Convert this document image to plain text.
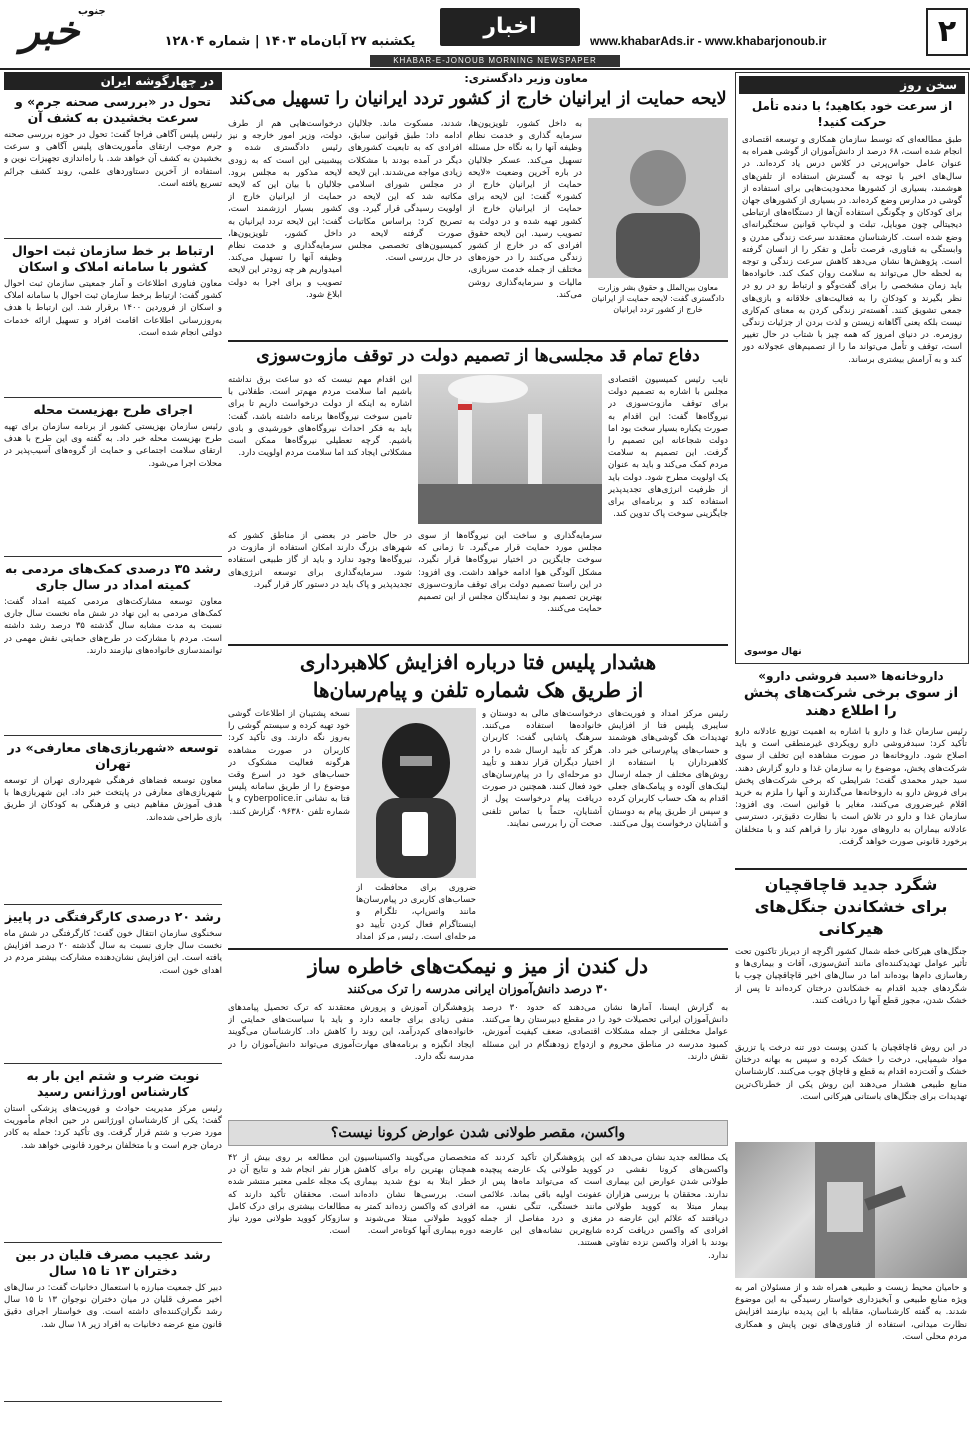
خبر
جنوب
یکشنبه ۲۷ آبان‌ماه ۱۴۰۳ | شماره ۱۲۸۰۴
اخبار
www.khabarAds.ir - www.khabarjonoub.ir	۲
KHABAR-E-JONOUB MORNING NEWSPAPER
سخن روز
از سرعت خود بکاهید؛ با دنده تأمل حرکت کنید!
طبق مطالعه‌ای که توسط سازمان همکاری و توسعه اقتصادی انجام شده است، ۶۸ درصد از دانش‌آموزان از گوشی همراه به عنوان عامل حواس‌پرتی در کلاس درس یاد کرده‌اند. در سال‌های اخیر با توجه به گسترش استفاده از تلفن‌های هوشمند، بسیاری از کشورها محدودیت‌هایی برای استفاده از گوشی در مدارس وضع کرده‌اند. در بسیاری از کشورهای جهان برای کودکان و چگونگی استفاده آن‌ها از دستگاه‌های ارتباطی دیجیتالی چون موبایل، تبلت و لپ‌تاپ قوانین سختگیرانه‌ای وضع شده است. کارشناسان معتقدند سرعت زندگی مدرن و وابستگی به فناوری، فرصت تأمل و تفکر را از انسان گرفته است. پژوهش‌ها نشان می‌دهد کاهش سرعت زندگی و توجه به لحظه حال می‌تواند به سلامت روان کمک کند. خانواده‌ها باید زمان مشخصی را برای گفت‌وگو و ارتباط رو در رو در نظر بگیرند و کودکان را به فعالیت‌های خلاقانه و بازی‌های جمعی تشویق کنند. آهسته‌تر زندگی کردن به معنای کم‌کاری نیست بلکه یعنی آگاهانه زیستن و لذت بردن از جزئیات زندگی روزمره. در دنیای امروز که همه چیز با شتاب در حال تغییر است، توقف و تأمل می‌تواند ما را از تصمیم‌های عجولانه دور کند و به آرامش بیشتری برساند.
نهال موسوی
داروخانه‌ها «سبد فروشی دارو»
از سوی برخی شرکت‌های پخش را اطلاع دهند
رئیس سازمان غذا و دارو با اشاره به اهمیت توزیع عادلانه دارو تأکید کرد: سبدفروشی دارو رویکردی غیرمنطقی است و باید اصلاح شود. داروخانه‌ها در صورت مشاهده این تخلف از سوی شرکت‌های پخش، موضوع را به سازمان غذا و دارو گزارش دهند. سید حیدر محمدی گفت: شرایطی که برخی شرکت‌های پخش برای فروش دارو به داروخانه‌ها می‌گذارند و آنها را ملزم به خرید اقلام غیرضروری می‌کنند، مغایر با قوانین است. وی افزود: سازمان غذا و دارو در تلاش است با نظارت دقیق‌تر، دسترسی عادلانه بیماران به داروهای مورد نیاز را فراهم کند و با متخلفان برخورد قانونی صورت خواهد گرفت.
شگرد جدید قاچاقچیان
برای خشکاندن جنگل‌های هیرکانی
جنگل‌های هیرکانی خطه شمال کشور اگرچه از دیرباز تاکنون تحت تأثیر عوامل تهدیدکننده‌ای مانند آتش‌سوزی، آفات و بیماری‌ها و رهاسازی دام‌ها بوده‌اند اما در سال‌های اخیر قاچاقچیان چوب با شگردهای جدید اقدام به خشکاندن درختان کرده‌اند تا پس از خشک شدن، مجوز قطع آنها را دریافت کنند.
در این روش قاچاقچیان با کندن پوست دور تنه درخت یا تزریق مواد شیمیایی، درخت را خشک کرده و سپس به بهانه درختان خشک و آفت‌زده اقدام به قطع و قاچاق چوب می‌کنند. کارشناسان منابع طبیعی هشدار می‌دهند این روش یکی از خطرناک‌ترین تهدیدات برای جنگل‌های باستانی هیرکانی است.
و حامیان محیط زیست و طبیعی همراه شد و از مسئولان امر به ویژه منابع طبیعی و آبخیزداری خواستار رسیدگی به این موضوع شدند. به گفته کارشناسان، مقابله با این پدیده نیازمند افزایش نظارت میدانی، استفاده از فناوری‌های نوین پایش و همکاری مردم محلی است.
در چهارگوشه ایران
تحول در «بررسی صحنه جرم» و سرعت بخشیدن به کشف آن
رئیس پلیس آگاهی فراجا گفت: تحول در حوزه بررسی صحنه جرم موجب ارتقای مأموریت‌های پلیس آگاهی و سرعت بخشیدن به کشف آن خواهد شد. با راه‌اندازی تجهیزات نوین و استفاده از آخرین دستاوردهای علمی، روند کشف جرائم تسریع یافته است.
ارتباط بر خط سازمان ثبت احوال کشور با سامانه املاک و اسکان
معاون فناوری اطلاعات و آمار جمعیتی سازمان ثبت احوال کشور گفت: ارتباط برخط سازمان ثبت احوال با سامانه املاک و اسکان از فروردین ۱۴۰۰ برقرار شد. این ارتباط با هدف به‌روزرسانی اطلاعات اقامت افراد و تسهیل ارائه خدمات دولتی انجام شده است.
اجرای طرح بهزیست محله
رئیس سازمان بهزیستی کشور از برنامه سازمان برای تهیه طرح بهزیست محله خبر داد. به گفته وی این طرح با هدف ارتقای سلامت اجتماعی و حمایت از گروه‌های آسیب‌پذیر در محلات اجرا می‌شود.
رشد ۳۵ درصدی کمک‌های مردمی به کمیته امداد در سال جاری
معاون توسعه مشارکت‌های مردمی کمیته امداد گفت: کمک‌های مردمی به این نهاد در شش ماه نخست سال جاری نسبت به مدت مشابه سال گذشته ۳۵ درصد رشد داشته است. مردم با مشارکت در طرح‌های حمایتی نقش مهمی در توانمندسازی خانواده‌های نیازمند دارند.
توسعه «شهربازی‌های معارفی» در تهران
معاون توسعه فضاهای فرهنگی شهرداری تهران از توسعه شهربازی‌های معارفی در پایتخت خبر داد. این شهربازی‌ها با هدف آموزش مفاهیم دینی و فرهنگی به کودکان از طریق بازی طراحی شده‌اند.
رشد ۲۰ درصدی کارگرفتگی در پاییز
سخنگوی سازمان انتقال خون گفت: کارگرفتگی در شش ماه نخست سال جاری نسبت به سال گذشته ۲۰ درصد افزایش یافته است. این افزایش نشان‌دهنده مشارکت بیشتر مردم در اهدای خون است.
نوبت ضرب و شتم این بار به کارشناس اورژانس رسید
رئیس مرکز مدیریت حوادث و فوریت‌های پزشکی استان گفت: یکی از کارشناسان اورژانس در حین انجام مأموریت مورد ضرب و شتم قرار گرفت. وی تأکید کرد: حمله به کادر درمان جرم است و با متخلفان برخورد قانونی خواهد شد.
رشد عجیب مصرف قلیان در بین دختران ۱۳ تا ۱۵ سال
دبیر کل جمعیت مبارزه با استعمال دخانیات گفت: در سال‌های اخیر مصرف قلیان در میان دختران نوجوان ۱۳ تا ۱۵ سال رشد نگران‌کننده‌ای داشته است. وی خواستار اجرای دقیق قانون منع عرضه دخانیات به افراد زیر ۱۸ سال شد.
معاون وزیر دادگستری:
لایحه حمایت از ایرانیان خارج از کشور تردد ایرانیان را تسهیل می‌کند
معاون بین‌الملل و حقوق بشر وزارت دادگستری گفت: لایحه حمایت از ایرانیان خارج از کشور تردد ایرانیان
به داخل کشور، تلویزیون‌ها، سرمایه گذاری و خدمت نظام وظیفه آنها را به نگاه حل مسئله تسهیل می‌کند. عسکر جلالیان در باره آخرین وضعیت «لایحه حمایت از ایرانیان خارج از کشور» گفت: این لایحه برای حمایت از ایرانیان خارج از کشور تهیه شده و در دولت به تصویب رسید. این لایحه حقوق افرادی که در خارج از کشور زندگی می‌کنند را در حوزه‌های مختلف از جمله خدمت سربازی، مالیات و سرمایه‌گذاری روشن می‌کند.
شدند، مسکوت ماند. جلالیان ادامه داد: طبق قوانین سابق، افرادی که به تابعیت کشورهای دیگر در آمده بودند با مشکلات زیادی مواجه می‌شدند. این لایحه در مجلس شورای اسلامی مکاتبه شد که این لایحه در اولویت رسیدگی قرار گیرد. وی تصریح کرد: براساس مکاتبات صورت گرفته لایحه در کمیسیون‌های تخصصی مجلس در حال بررسی است.
درخواست‌هایی هم از طرف دولت، وزیر امور خارجه و نیز رئیس دادگستری شده و پیشبینی این است که به زودی لایحه مذکور به مجلس برود. جلالیان با بیان این که لایحه حمایت از ایرانیان خارج از کشور بسیار ارزشمند است، گفت: این لایحه تردد ایرانیان به داخل کشور، تلویزیون‌ها، سرمایه‌گذاری و خدمت نظام وظیفه آنها را تسهیل می‌کند. امیدواریم هر چه زودتر این لایحه تصویب و برای اجرا به دولت ابلاغ شود.
دفاع تمام قد مجلسی‌ها از تصمیم دولت در توقف مازوت‌سوزی
نایب رئیس کمیسیون اقتصادی مجلس با اشاره به تصمیم دولت برای توقف مازوت‌سوزی در نیروگاه‌ها گفت: این اقدام به صورت یکباره بسیار سخت بود اما دولت شجاعانه این تصمیم را گرفت. این تصمیم به سلامت مردم کمک می‌کند و باید به عنوان یک اولویت مطرح شود. دولت باید از ظرفیت انرژی‌های تجدیدپذیر استفاده کند و برنامه‌ای برای جایگزینی سوخت پاک تدوین کند.
سرمایه‌گذاری و ساخت این نیروگاه‌ها از سوی مجلس مورد حمایت قرار می‌گیرد. تا زمانی که سوخت جایگزین در اختیار نیروگاه‌ها قرار نگیرد، مشکل آلودگی هوا ادامه خواهد داشت. وی افزود: در این راستا تصمیم دولت برای توقف مازوت‌سوزی بهترین تصمیم بود و نمایندگان مجلس از این تصمیم حمایت می‌کنند.
این اقدام مهم نیست که دو ساعت برق نداشته باشیم اما سلامت مردم مهم‌تر است. طفلانی با اشاره به اینکه از دولت درخواست داریم تا برای تامین سوخت نیروگاه‌ها برنامه داشته باشد، گفت: باید به فکر احداث نیروگاه‌های خورشیدی و بادی باشیم. گرچه تعطیلی نیروگاه‌ها ممکن است مشکلاتی ایجاد کند اما سلامت مردم اولویت دارد.
در حال حاضر در بعضی از مناطق کشور که شهرهای بزرگ دارند امکان استفاده از مازوت در نیروگاه‌ها وجود ندارد و باید از گاز طبیعی استفاده شود. سرمایه‌گذاری برای توسعه انرژی‌های تجدیدپذیر و پاک باید در دستور کار قرار گیرد.
هشدار پلیس فتا درباره افزایش کلاهبرداری
از طریق هک شماره تلفن و پیام‌رسان‌ها
رئیس مرکز امداد و فوریت‌های سایبری پلیس فتا از افزایش تهدیدات هک گوشی‌های هوشمند و حساب‌های پیام‌رسانی خبر داد. کلاهبرداران با استفاده از روش‌های مختلف از جمله ارسال لینک‌های آلوده و پیامک‌های جعلی اقدام به هک حساب کاربران کرده و سپس از طریق پیام به دوستان و آشنایان درخواست پول می‌کنند.
درخواست‌های مالی به دوستان و خانواده‌ها استفاده می‌کنند. سرهنگ پاشایی گفت: کاربران هرگز کد تأیید ارسال شده را در اختیار دیگران قرار ندهند و تأیید دو مرحله‌ای را در پیام‌رسان‌های خود فعال کنند. همچنین در صورت دریافت پیام درخواست پول از آشنایان، حتماً با تماس تلفنی صحت آن را بررسی نمایند.
ضروری برای محافظت از حساب‌های کاربری در پیام‌رسان‌ها مانند واتس‌اپ، تلگرام و اینستاگرام فعال کردن تأیید دو مرحله‌ای است. رئیس مرکز امداد
نسخه پشتیبان از اطلاعات گوشی خود تهیه کرده و سیستم گوشی را به‌روز نگه دارند. وی تأکید کرد: کاربران در صورت مشاهده هرگونه فعالیت مشکوک در حساب‌های خود در اسرع وقت موضوع را از طریق سامانه پلیس فتا به نشانی cyberpolice.ir و یا شماره تلفن ۰۹۶۳۸۰ گزارش کنند.
دل کندن از میز و نیمکت‌های خاطره ساز
۳۰ درصد دانش‌آموزان ایرانی مدرسه را ترک می‌کنند
به گزارش ایسنا، آمارها نشان می‌دهند که حدود ۳۰ درصد دانش‌آموزان ایرانی تحصیلات خود را در مقطع دبیرستان رها می‌کنند. عوامل مختلفی از جمله مشکلات اقتصادی، ضعف کیفیت آموزش، کمبود مدرسه در مناطق محروم و ازدواج زودهنگام در این مسئله نقش دارند.
پژوهشگران آموزش و پرورش معتقدند که ترک تحصیل پیامدهای منفی زیادی برای جامعه دارد و باید با سیاست‌های حمایتی از خانواده‌های کم‌درآمد، این روند را کاهش داد. کارشناسان می‌گویند ایجاد انگیزه و برنامه‌های مهارت‌آموزی می‌تواند دانش‌آموزان را در مدرسه نگه دارد.
واکسن، مقصر طولانی شدن عوارض کرونا نیست؟
یک مطالعه جدید نشان می‌دهد که واکسن‌های کرونا نقشی در طولانی شدن عوارض این بیماری ندارند. محققان با بررسی هزاران بیمار مبتلا به کووید طولانی دریافتند که علائم این عارضه در افرادی که واکسن دریافت کرده بودند با افراد واکسن نزده تفاوتی ندارد.
این پژوهشگران تأکید کردند که کووید طولانی یک عارضه پیچیده است که می‌تواند ماه‌ها پس از عفونت اولیه باقی بماند. علائمی مانند خستگی، تنگی نفس، مه مغزی و درد مفاصل از جمله شایع‌ترین نشانه‌های این عارضه هستند.
متخصصان می‌گویند واکسیناسیون همچنان بهترین راه برای کاهش خطر ابتلا به نوع شدید بیماری است. بررسی‌ها نشان داده‌اند افرادی که واکسن زده‌اند کمتر به کووید طولانی مبتلا می‌شوند و دوره بیماری آنها کوتاه‌تر است.
این مطالعه بر روی بیش از ۴۲ هزار نفر انجام شد و نتایج آن در یک مجله علمی معتبر منتشر شده است. محققان تأکید دارند که مطالعات بیشتری برای درک کامل سازوکار کووید طولانی مورد نیاز است.
